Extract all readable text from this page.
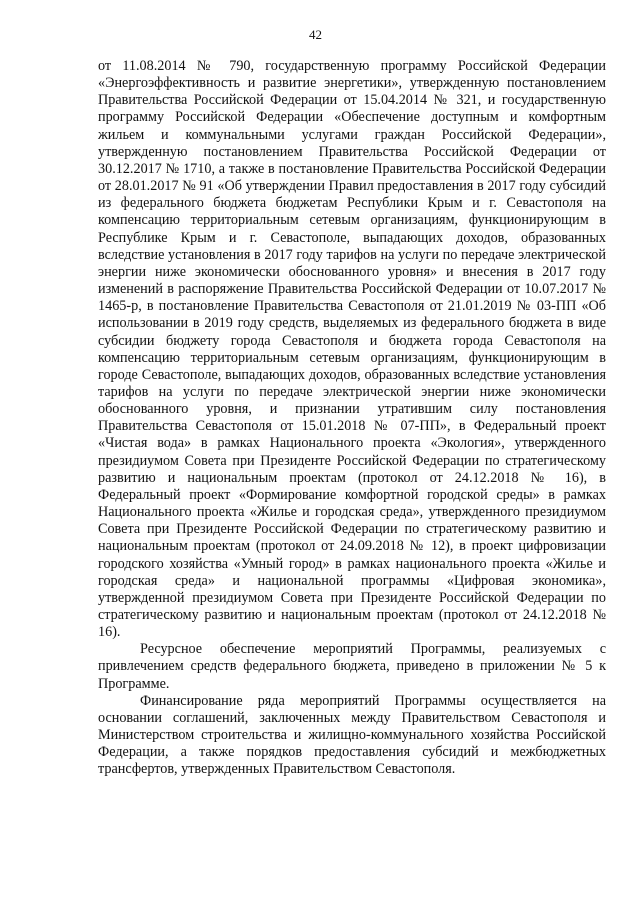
42

от 11.08.2014 № 790, государственную программу Российской Федерации «Энергоэффективность и развитие энергетики», утвержденную постановлением Правительства Российской Федерации от 15.04.2014 № 321, и государственную программу Российской Федерации «Обеспечение доступным и комфортным жильем и коммунальными услугами граждан Российской Федерации», утвержденную постановлением Правительства Российской Федерации от 30.12.2017 № 1710, а также в постановление Правительства Российской Федерации от 28.01.2017 № 91 «Об утверждении Правил предоставления в 2017 году субсидий из федерального бюджета бюджетам Республики Крым и г. Севастополя на компенсацию территориальным сетевым организациям, функционирующим в Республике Крым и г. Севастополе, выпадающих доходов, образованных вследствие установления в 2017 году тарифов на услуги по передаче электрической энергии ниже экономически обоснованного уровня» и внесения в 2017 году изменений в распоряжение Правительства Российской Федерации от 10.07.2017 № 1465-р, в постановление Правительства Севастополя от 21.01.2019 № 03-ПП «Об использовании в 2019 году средств, выделяемых из федерального бюджета в виде субсидии бюджету города Севастополя и бюджета города Севастополя на компенсацию территориальным сетевым организациям, функционирующим в городе Севастополе, выпадающих доходов, образованных вследствие установления тарифов на услуги по передаче электрической энергии ниже экономически обоснованного уровня, и признании утратившим силу постановления Правительства Севастополя от 15.01.2018 № 07-ПП», в Федеральный проект «Чистая вода» в рамках Национального проекта «Экология», утвержденного президиумом Совета при Президенте Российской Федерации по стратегическому развитию и национальным проектам (протокол от 24.12.2018 № 16), в Федеральный проект «Формирование комфортной городской среды» в рамках Национального проекта «Жилье и городская среда», утвержденного президиумом Совета при Президенте Российской Федерации по стратегическому развитию и национальным проектам (протокол от 24.09.2018 № 12), в проект цифровизации городского хозяйства «Умный город» в рамках национального проекта «Жилье и городская среда» и национальной программы «Цифровая экономика», утвержденной президиумом Совета при Президенте Российской Федерации по стратегическому развитию и национальным проектам (протокол от 24.12.2018 № 16).

Ресурсное обеспечение мероприятий Программы, реализуемых с привлечением средств федерального бюджета, приведено в приложении № 5 к Программе.

Финансирование ряда мероприятий Программы осуществляется на основании соглашений, заключенных между Правительством Севастополя и Министерством строительства и жилищно-коммунального хозяйства Российской Федерации, а также порядков предоставления субсидий и межбюджетных трансфертов, утвержденных Правительством Севастополя.
